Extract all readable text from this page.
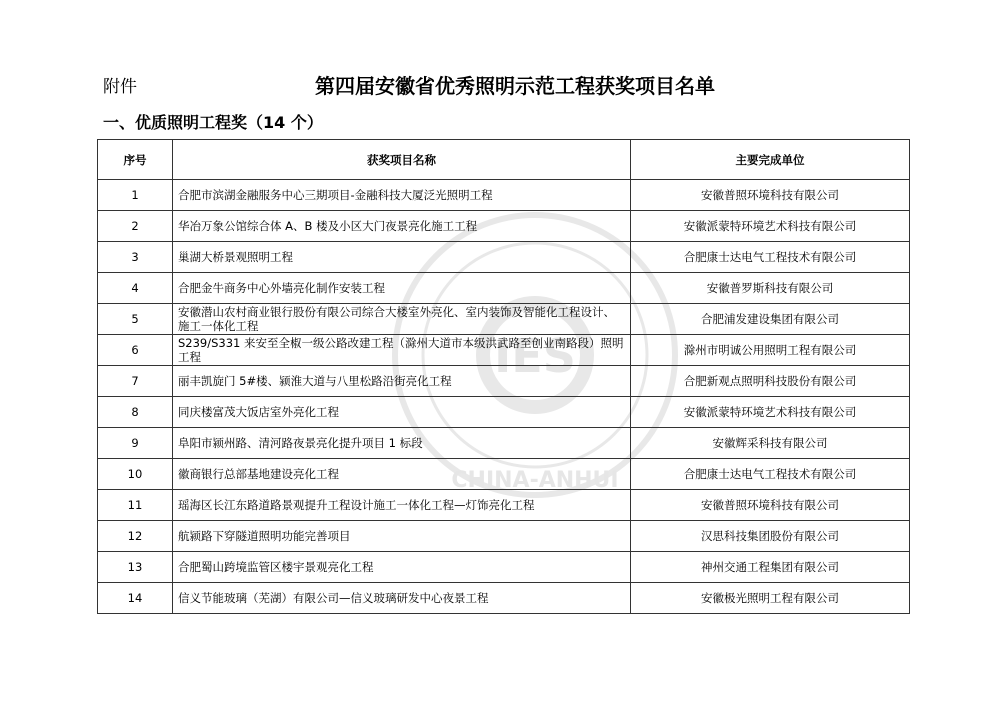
附件	第四届安徽省优秀照明示范工程获奖项目名单
一、优质照明工程奖（14 个）
IES
CHINA-ANHUI
序号	获奖项目名称	主要完成单位
1	合肥市滨湖金融服务中心三期项目-金融科技大厦泛光照明工程	安徽普照环境科技有限公司
2	华冶万象公馆综合体 A、B 楼及小区大门夜景亮化施工工程	安徽派蒙特环境艺术科技有限公司
3	巢湖大桥景观照明工程	合肥康士达电气工程技术有限公司
4	合肥金牛商务中心外墙亮化制作安装工程	安徽普罗斯科技有限公司
5	安徽潜山农村商业银行股份有限公司综合大楼室外亮化、室内装饰及智能化工程设计、施工一体化工程	合肥浦发建设集团有限公司
6	S239/S331 来安至全椒一级公路改建工程（滁州大道市本级洪武路至创业南路段）照明工程	滁州市明诚公用照明工程有限公司
7	丽丰凯旋门 5#楼、颍淮大道与八里松路沿街亮化工程	合肥新观点照明科技股份有限公司
8	同庆楼富茂大饭店室外亮化工程	安徽派蒙特环境艺术科技有限公司
9	阜阳市颍州路、清河路夜景亮化提升项目 1 标段	安徽辉采科技有限公司
10	徽商银行总部基地建设亮化工程	合肥康士达电气工程技术有限公司
11	瑶海区长江东路道路景观提升工程设计施工一体化工程—灯饰亮化工程	安徽普照环境科技有限公司
12	航颍路下穿隧道照明功能完善项目	汉思科技集团股份有限公司
13	合肥蜀山跨境监管区楼宇景观亮化工程	神州交通工程集团有限公司
14	信义节能玻璃（芜湖）有限公司—信义玻璃研发中心夜景工程	安徽极光照明工程有限公司
